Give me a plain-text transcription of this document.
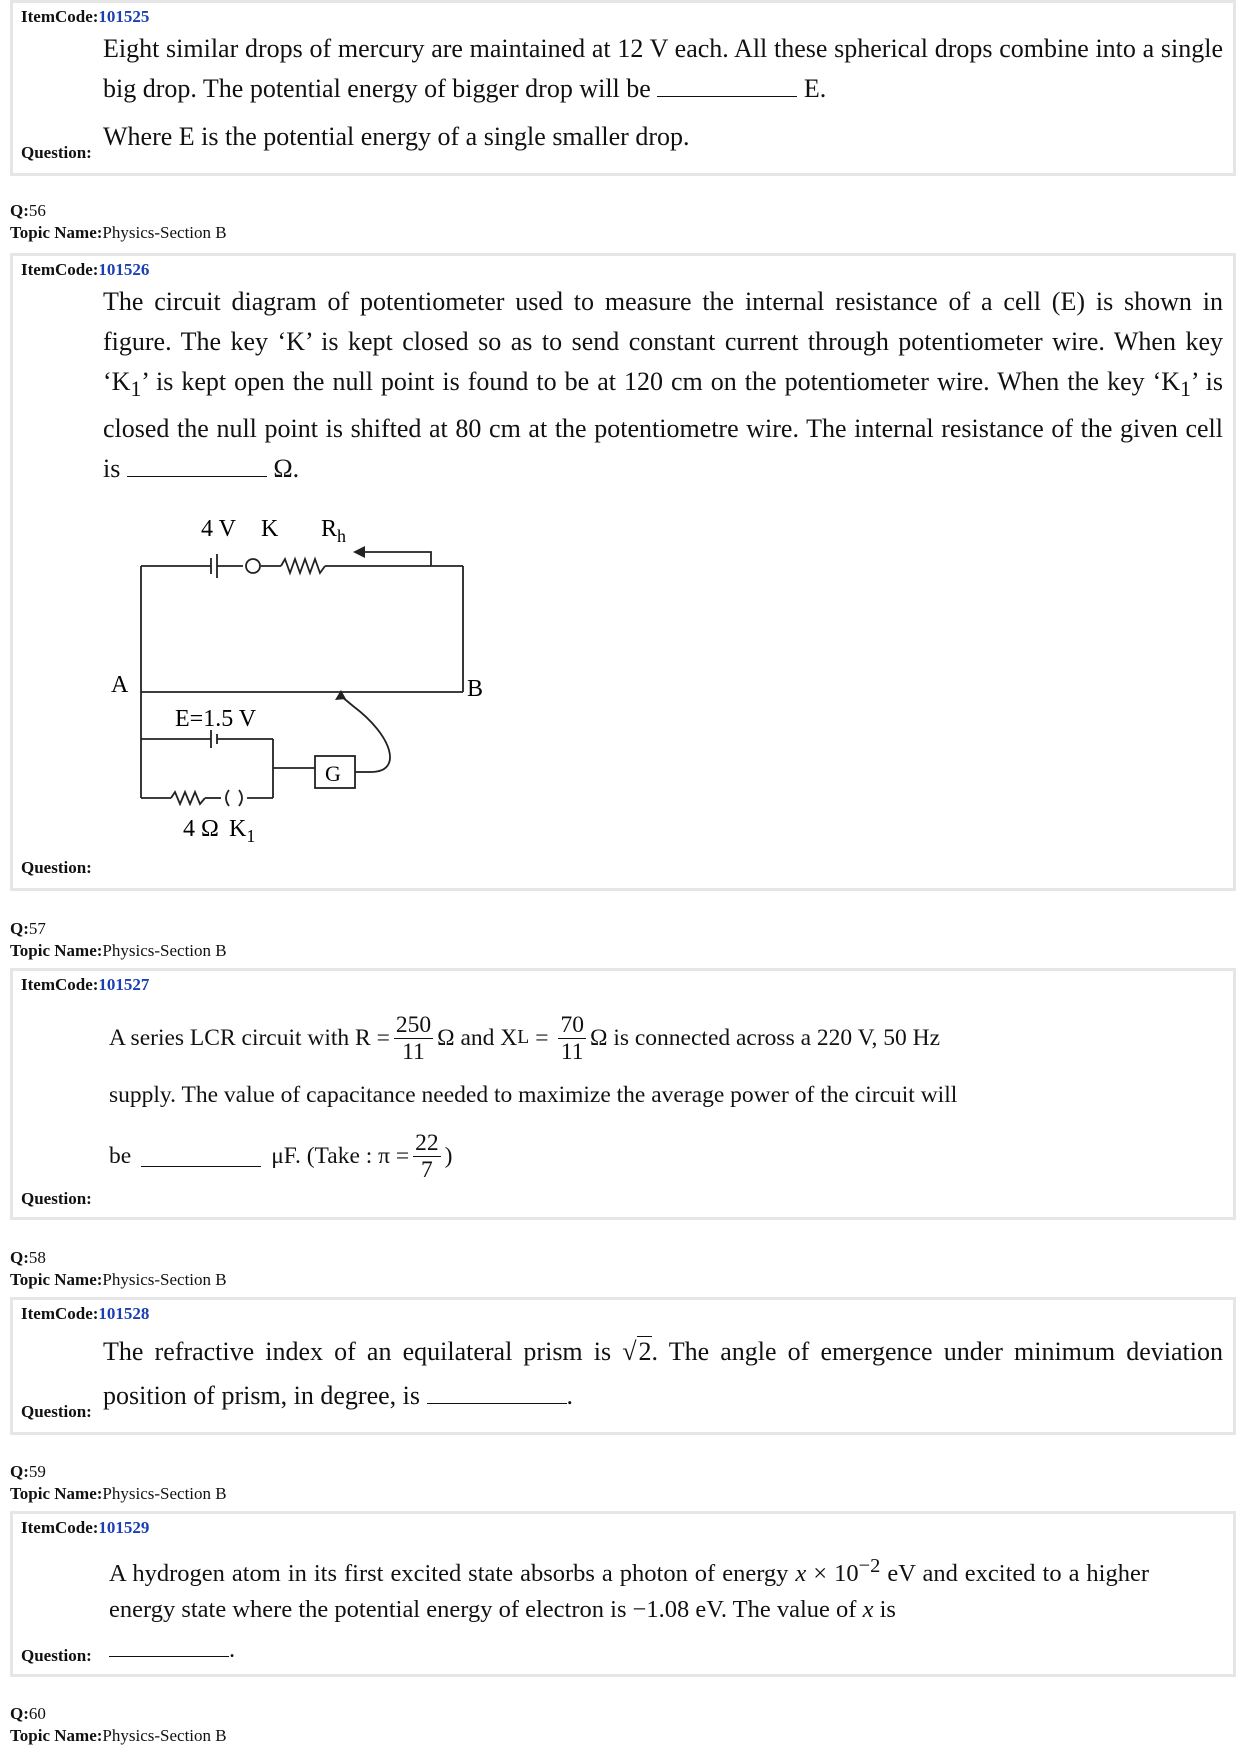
ItemCode:101525
Eight similar drops of mercury are maintained at 12 V each. All these spherical drops combine into a single big drop. The potential energy of bigger drop will be	E.
Where E is the potential energy of a single smaller drop.
Question:
Q:56
Topic Name:Physics-Section B
ItemCode:101526
The circuit diagram of potentiometer used to measure the internal resistance of a cell (E) is shown in figure. The key ‘K’ is kept closed so as to send constant current through potentiometer wire. When key ‘$K_1$’ is kept open the null point is found to be at 120 cm on the potentiometer wire. When the key ‘$K_1$’ is closed the null point is shifted at 80 cm at the potentiometre wire. The internal resistance of the given cell is	Ω.
4 V K $R_h$
A	B
E=1.5 V
G
4 Ω $K_1$
Question:
Q:57
Topic Name:Physics-Section B
ItemCode:101527
A series LCR circuit with $R = \frac{250}{11}$ Ω and X $L = \frac{70}{11}$ Ω is connected across a 220 V, 50 Hz
supply. The value of capacitance needed to maximize the average power of the circuit will
be	μF. (Take : $\pi = \frac{22}{7}$ )
Question:
Q:58
Topic Name:Physics-Section B
ItemCode:101528
The refractive index of an equilateral prism is √2. The angle of emergence under minimum deviation position of prism, in degree, is	.
Question:
Q:59
Topic Name:Physics-Section B
ItemCode:101529
A hydrogen atom in its first excited state absorbs a photon of energy $x \times 10^{-2}$ eV and excited to a higher energy state where the potential energy of electron is −1.08 eV. The value of x is
.
Question:
Q:60
Topic Name:Physics-Section B
